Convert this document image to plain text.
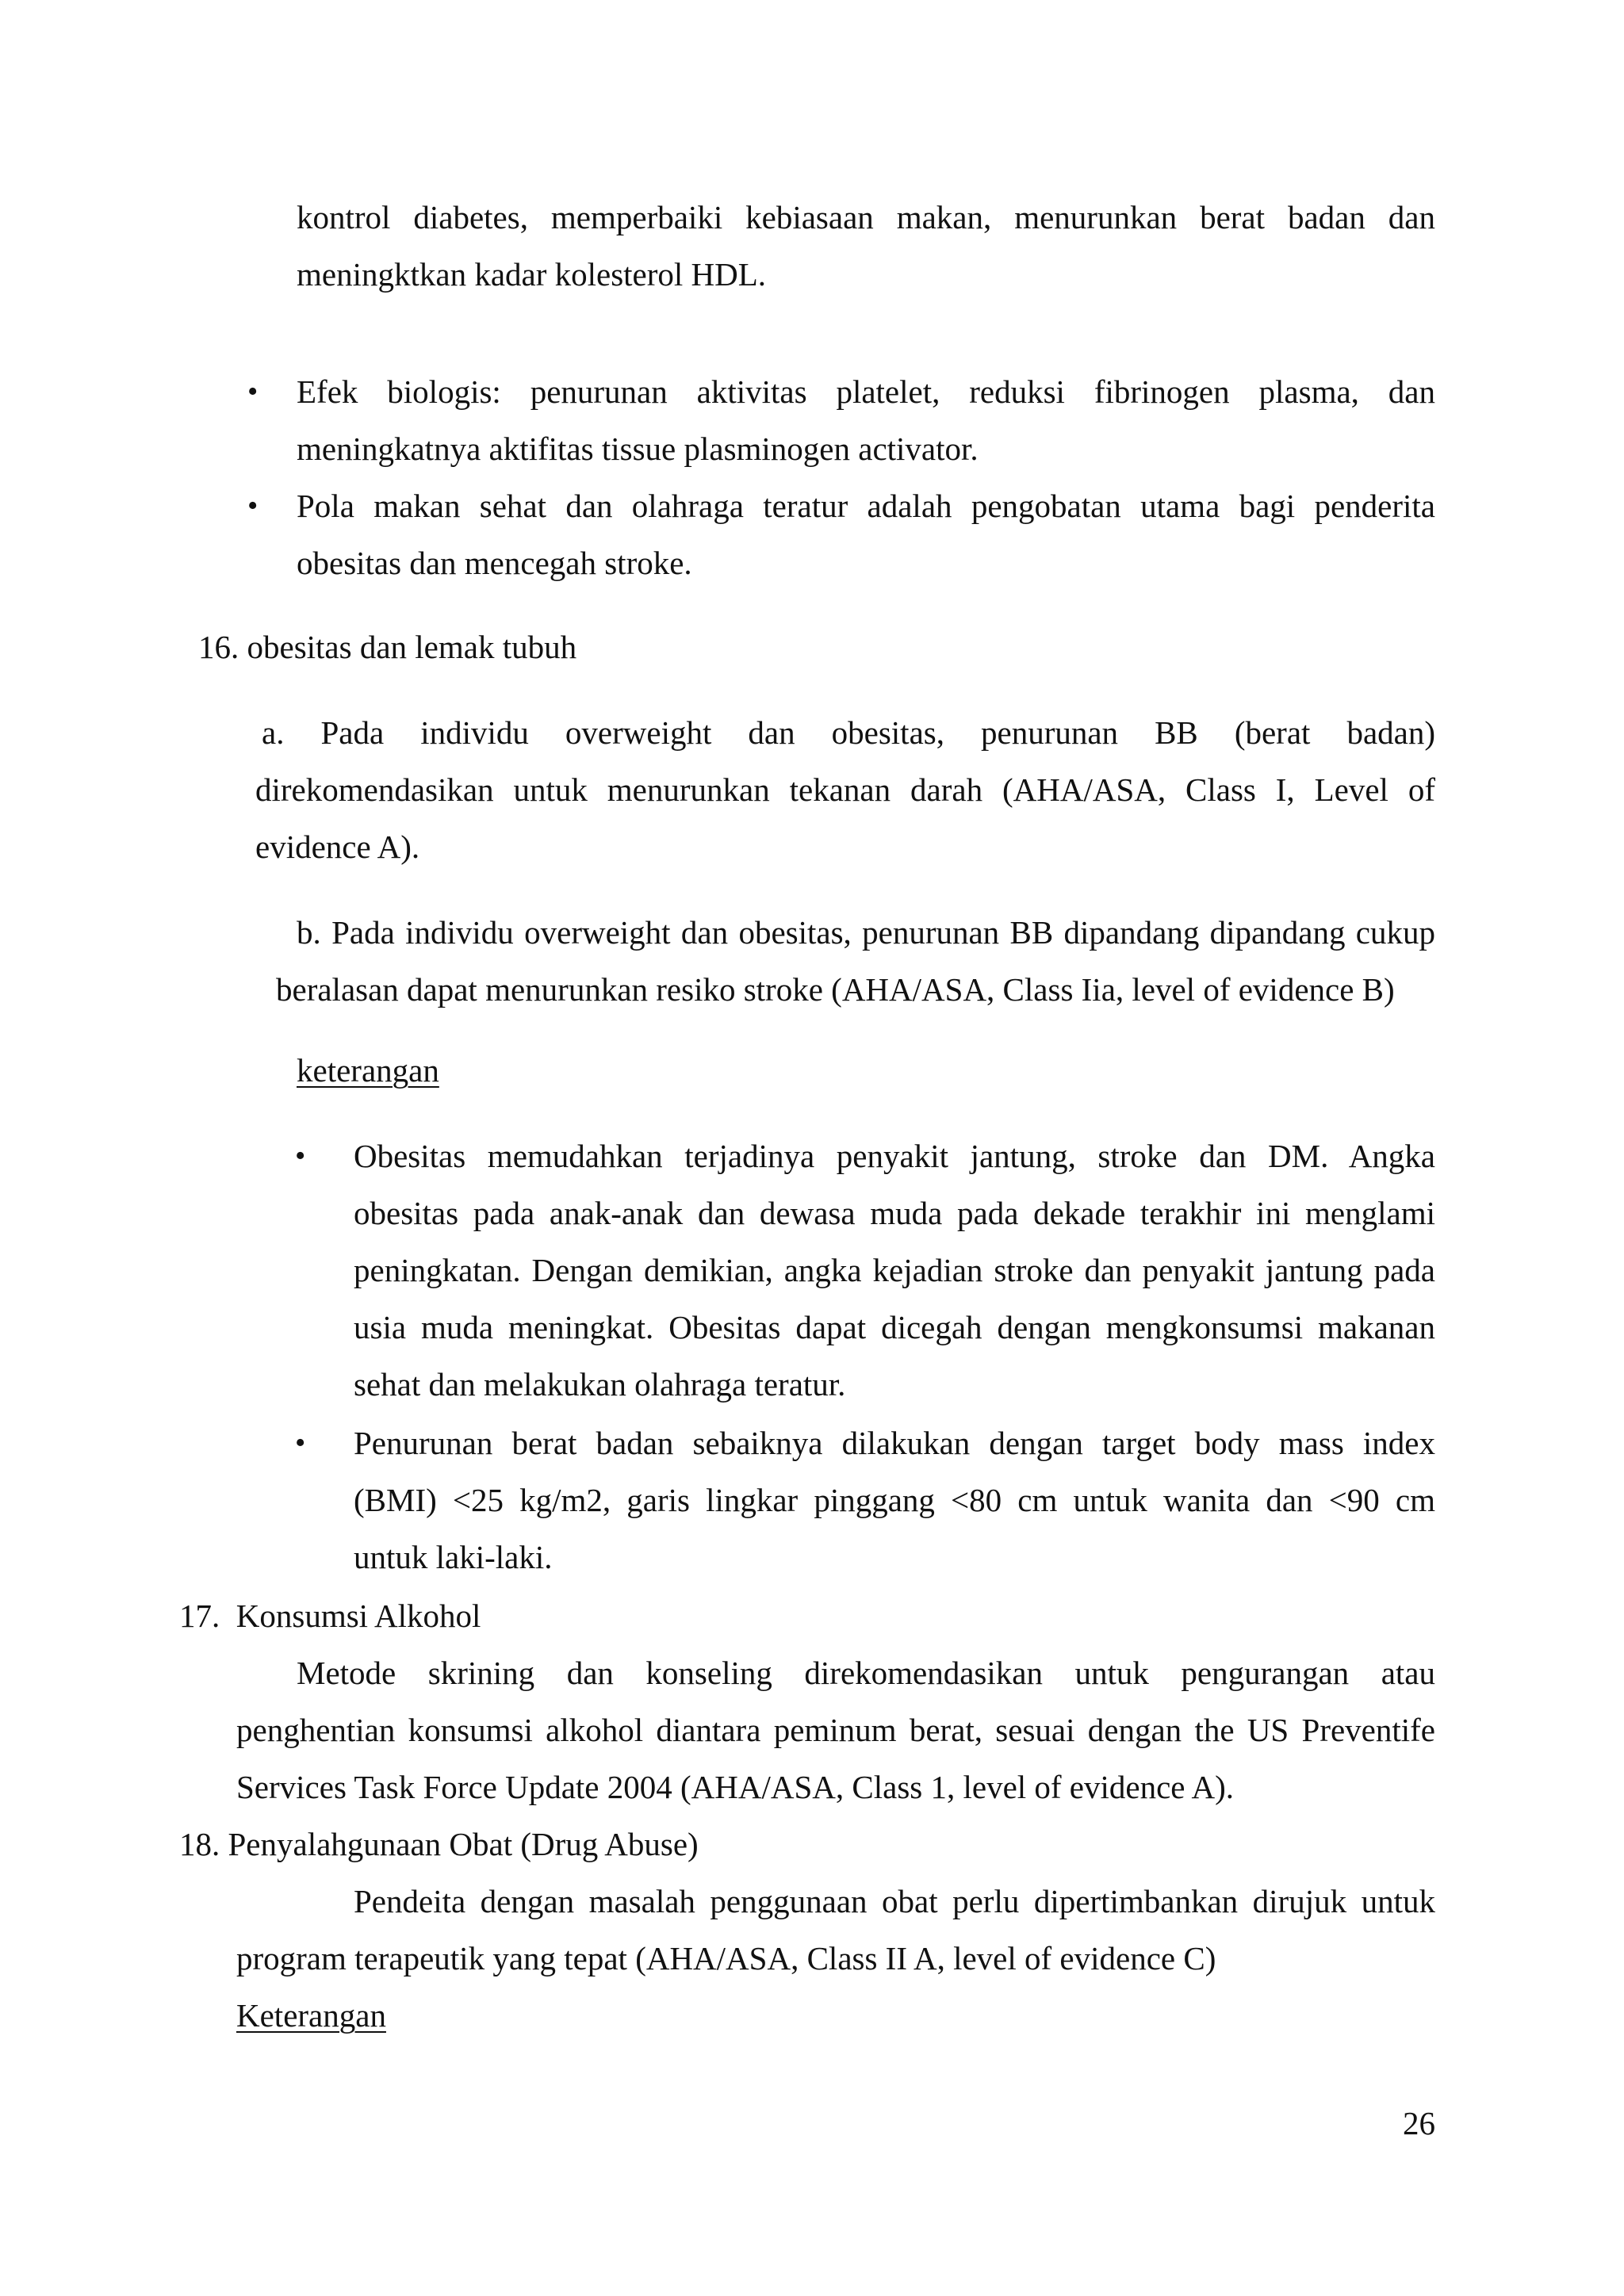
kontrol diabetes, memperbaiki kebiasaan makan, menurunkan berat badan dan
meningktkan kadar kolesterol HDL.
• Efek biologis: penurunan aktivitas platelet, reduksi fibrinogen plasma, dan
meningkatnya aktifitas tissue plasminogen activator.
• Pola makan sehat dan olahraga teratur adalah pengobatan utama bagi penderita
obesitas dan mencegah stroke.
16. obesitas dan lemak tubuh
a. Pada individu overweight dan obesitas, penurunan BB (berat badan)
direkomendasikan untuk menurunkan tekanan darah (AHA/ASA, Class I, Level of
evidence A).
b. Pada individu overweight dan obesitas, penurunan BB dipandang dipandang cukup
beralasan dapat menurunkan resiko stroke (AHA/ASA, Class Iia, level of evidence B)
keterangan
• Obesitas memudahkan terjadinya penyakit jantung, stroke dan DM. Angka
obesitas pada anak-anak dan dewasa muda pada dekade terakhir ini menglami
peningkatan. Dengan demikian, angka kejadian stroke dan penyakit jantung pada
usia muda meningkat. Obesitas dapat dicegah dengan mengkonsumsi makanan
sehat dan melakukan olahraga teratur.
• Penurunan berat badan sebaiknya dilakukan dengan target body mass index
(BMI) <25 kg/m2, garis lingkar pinggang <80 cm untuk wanita dan <90 cm
untuk laki-laki.
17.  Konsumsi Alkohol
Metode skrining dan konseling direkomendasikan untuk pengurangan atau
penghentian konsumsi alkohol diantara peminum berat, sesuai dengan the US Preventife
Services Task Force Update 2004 (AHA/ASA, Class 1, level of evidence A).
18. Penyalahgunaan Obat (Drug Abuse)
Pendeita dengan masalah penggunaan obat perlu dipertimbankan dirujuk untuk
program terapeutik yang tepat (AHA/ASA, Class II A, level of evidence C)
Keterangan
26
